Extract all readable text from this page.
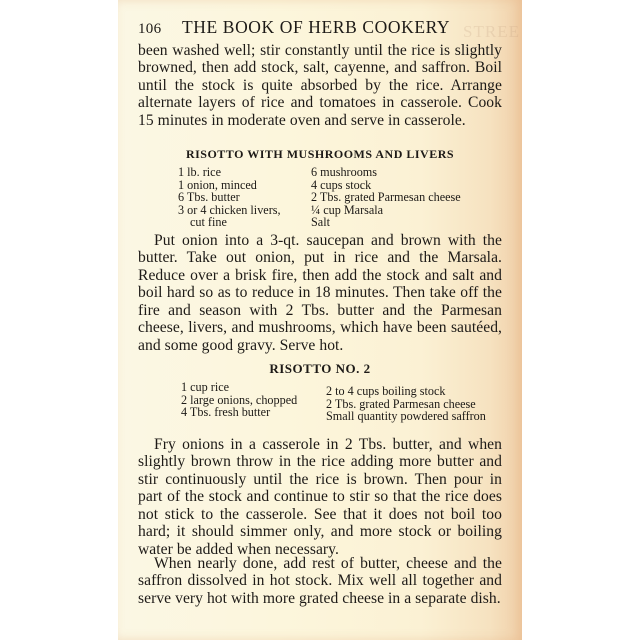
STREE
106	THE BOOK OF HERB COOKERY

been washed well; stir constantly until the rice is slightly browned, then add stock, salt, cayenne, and saffron. Boil until the stock is quite absorbed by the rice. Arrange alternate layers of rice and tomatoes in casserole. Cook 15 minutes in moderate oven and serve in casserole.

RISOTTO WITH MUSHROOMS AND LIVERS
1 lb. rice
1 onion, minced
6 Tbs. butter
3 or 4 chicken livers,
cut fine
6 mushrooms
4 cups stock
2 Tbs. grated Parmesan cheese
¼ cup Marsala
Salt

Put onion into a 3-qt. saucepan and brown with the butter. Take out onion, put in rice and the Marsala. Reduce over a brisk fire, then add the stock and salt and boil hard so as to reduce in 18 minutes. Then take off the fire and season with 2 Tbs. butter and the Parmesan cheese, livers, and mushrooms, which have been sautéed, and some good gravy. Serve hot.

RISOTTO NO. 2
1 cup rice
2 large onions, chopped
4 Tbs. fresh butter
2 to 4 cups boiling stock
2 Tbs. grated Parmesan cheese
Small quantity powdered saffron

Fry onions in a casserole in 2 Tbs. butter, and when slightly brown throw in the rice adding more butter and stir continuously until the rice is brown. Then pour in part of the stock and continue to stir so that the rice does not stick to the casserole. See that it does not boil too hard; it should simmer only, and more stock or boiling water be added when necessary.

When nearly done, add rest of butter, cheese and the saffron dissolved in hot stock. Mix well all together and serve very hot with more grated cheese in a separate dish.
